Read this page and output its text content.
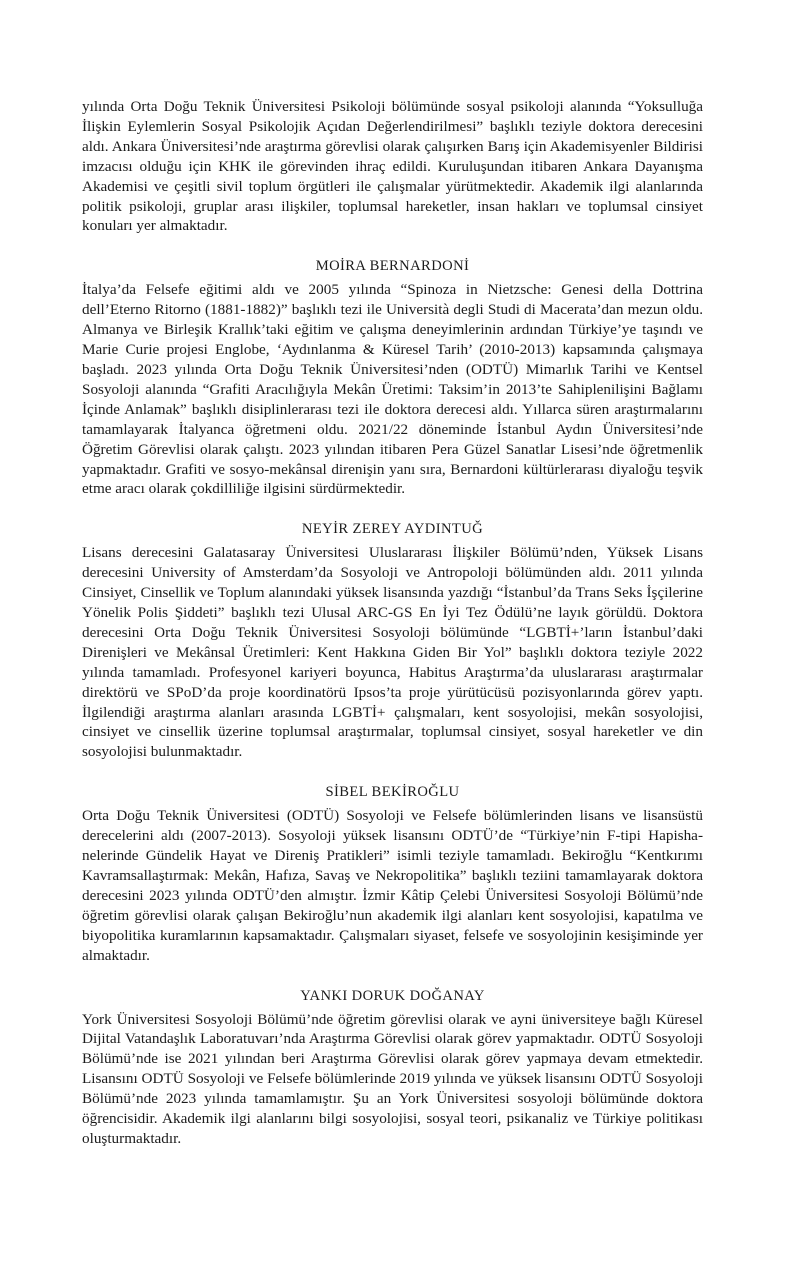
yılında Orta Doğu Teknik Üniversitesi Psikoloji bölümünde sosyal psikoloji alanında “Yoksulluğa İlişkin Eylemlerin Sosyal Psikolojik Açıdan Değerlendirilmesi” başlıklı teziyle doktora derecesini aldı. Ankara Üniversitesi’nde araştırma görevlisi olarak çalışırken Barış için Akademisyenler Bildirisi imzacısı olduğu için KHK ile görevinden ihraç edildi. Kuruluşundan itibaren Ankara Dayanışma Akademisi ve çeşitli sivil toplum örgütleri ile çalışmalar yürütmektedir. Akademik ilgi alanlarında politik psikoloji, gruplar arası ilişkiler, toplumsal hareketler, insan hakları ve toplumsal cinsiyet konuları yer almaktadır.

MOİRA BERNARDONİ

İtalya’da Felsefe eğitimi aldı ve 2005 yılında “Spinoza in Nietzsche: Genesi della Dottrina dell’Eterno Ritorno (1881-1882)” başlıklı tezi ile Università degli Studi di Macerata’dan mezun oldu. Almanya ve Birleşik Krallık’taki eğitim ve çalışma deneyimlerinin ardından Türkiye’ye taşındı ve Marie Curie projesi Englobe, ‘Aydınlanma & Küresel Tarih’ (2010-2013) kapsamında çalışmaya başladı. 2023 yılında Orta Doğu Teknik Üniversitesi’nden (ODTÜ) Mimarlık Tarihi ve Kentsel Sosyoloji alanında “Grafiti Aracılığıyla Mekân Üretimi: Taksim’in 2013’te Sahiplenilişini Bağlamı İçinde Anlamak” başlıklı disiplinlerarası tezi ile doktora derecesi aldı. Yıllarca süren araştırmalarını tamamlayarak İtalyanca öğretmeni oldu. 2021/22 döneminde İstanbul Aydın Üniversitesi’nde Öğretim Görevlisi olarak çalıştı. 2023 yılından itibaren Pera Güzel Sanatlar Lisesi’nde öğretmenlik yapmaktadır. Grafiti ve sosyo-mekânsal direnişin yanı sıra, Bernardoni kültürlerarası diyaloğu teşvik etme aracı olarak çokdilliliğe ilgisini sürdürmektedir.

NEYİR ZEREY AYDINTUĞ

Lisans derecesini Galatasaray Üniversitesi Uluslararası İlişkiler Bölümü’nden, Yüksek Lisans derecesini University of Amsterdam’da Sosyoloji ve Antropoloji bölümünden aldı. 2011 yılında Cinsiyet, Cinsellik ve Toplum alanındaki yüksek lisansında yazdığı “İstanbul’da Trans Seks İşçilerine Yönelik Polis Şiddeti” başlıklı tezi Ulusal ARC-GS En İyi Tez Ödülü’ne layık görüldü. Doktora derecesini Orta Doğu Teknik Üniversitesi Sosyoloji bölümünde “LGBTİ+’ların İstanbul’daki Direnişleri ve Mekânsal Üretimleri: Kent Hakkına Giden Bir Yol” başlıklı doktora teziyle 2022 yılında tamamladı. Profesyonel kariyeri boyunca, Habitus Araştırma’da uluslararası araştırmalar direktörü ve SPoD’da proje koordinatörü Ipsos’ta proje yürütücüsü pozisyonlarında görev yaptı. İlgilendiği araştırma alanları arasında LGBTİ+ çalışmaları, kent sosyolojisi, mekân sosyolojisi, cinsiyet ve cinsellik üzerine toplumsal araştırmalar, toplumsal cinsiyet, sosyal hareketler ve din sosyolojisi bulunmaktadır.

SİBEL BEKİROĞLU

Orta Doğu Teknik Üniversitesi (ODTÜ) Sosyoloji ve Felsefe bölümlerinden lisans ve lisansüstü derecelerini aldı (2007-2013). Sosyoloji yüksek lisansını ODTÜ’de “Türkiye’nin F-tipi Hapishanelerinde Gündelik Hayat ve Direniş Pratikleri” isimli teziyle tamamladı. Bekiroğlu “Kentkırımı Kavramsallaştırmak: Mekân, Hafıza, Savaş ve Nekropolitika” başlıklı teziini tamamlayarak doktora derecesini 2023 yılında ODTÜ’den almıştır. İzmir Kâtip Çelebi Üniversitesi Sosyoloji Bölümü’nde öğretim görevlisi olarak çalışan Bekiroğlu’nun akademik ilgi alanları kent sosyolojisi, kapatılma ve biyopolitika kuramlarının kapsamaktadır. Çalışmaları siyaset, felsefe ve sosyolojinin kesişiminde yer almaktadır.

YANKI DORUK DOĞANAY

York Üniversitesi Sosyoloji Bölümü’nde öğretim görevlisi olarak ve ayni üniversiteye bağlı Küresel Dijital Vatandaşlık Laboratuvarı’nda Araştırma Görevlisi olarak görev yapmaktadır. ODTÜ Sosyoloji Bölümü’nde ise 2021 yılından beri Araştırma Görevlisi olarak görev yapmaya devam etmektedir. Lisansını ODTÜ Sosyoloji ve Felsefe bölümlerinde 2019 yılında ve yüksek lisansını ODTÜ Sosyoloji Bölümü’nde 2023 yılında tamamlamıştır. Şu an York Üniversitesi sosyoloji bölümünde doktora öğrencisidir. Akademik ilgi alanlarını bilgi sosyolojisi, sosyal teori, psikanaliz ve Türkiye politikası oluşturmaktadır.
